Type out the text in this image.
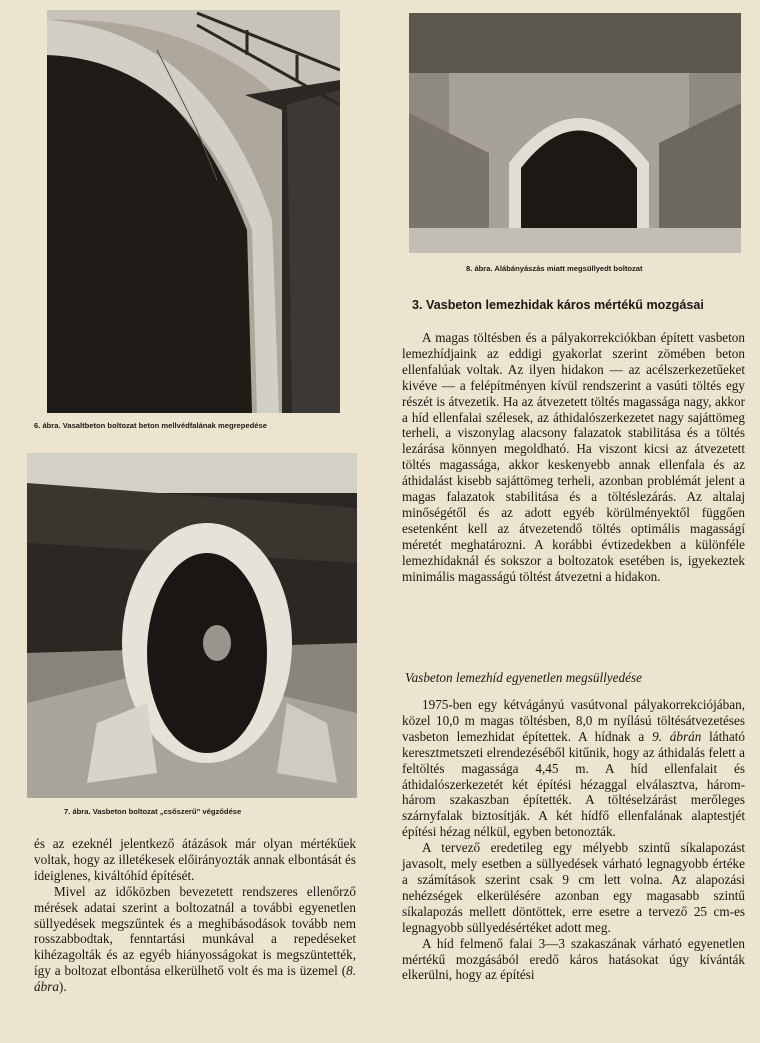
6. ábra. Vasaltbeton boltozat beton mellvédfalának megrepedése
7. ábra. Vasbeton boltozat „csőszerű” végződése
8. ábra. Alábányászás miatt megsüllyedt boltozat

és az ezeknél jelentkező átázások már olyan mértékűek voltak, hogy az illetékesek előirányozták annak elbontását és ideiglenes, kiváltóhíd építését.

Mivel az időközben bevezetett rendszeres ellenőrző mérések adatai szerint a boltozatnál a további egyenetlen süllyedések megszűntek és a meghibásodások tovább nem rosszabbodtak, fenntartási munkával a repedéseket kihézagolták és az egyéb hiányosságokat is megszüntették, így a boltozat elbontása elkerülhető volt és ma is üzemel (8. ábra).

3. Vasbeton lemezhidak káros mértékű mozgásai

A magas töltésben és a pályakorrekciókban épített vasbeton lemezhídjaink az eddigi gyakorlat szerint zömében beton ellenfalúak voltak. Az ilyen hidakon — az acélszerkezetűeket kivéve — a felépítményen kívül rendszerint a vasúti töltés egy részét is átvezetik. Ha az átvezetett töltés magassága nagy, akkor a híd ellenfalai szélesek, az áthidalószerkezetet nagy sajáttömeg terheli, a viszonylag alacsony falazatok stabilitása és a töltés lezárása könnyen megoldható. Ha viszont kicsi az átvezetett töltés magassága, akkor keskenyebb annak ellenfala és az áthidalást kisebb sajáttömeg terheli, azonban problémát jelent a magas falazatok stabilitása és a töltéslezárás. Az altalaj minőségétől és az adott egyéb körülményektől függően esetenként kell az átvezetendő töltés optimális magasságí méretét meghatározni. A korábbi évtizedekben a különféle lemezhidaknál és sokszor a boltozatok esetében is, igyekeztek minimális magasságú töltést átvezetni a hidakon.

Vasbeton lemezhíd egyenetlen megsüllyedése

1975-ben egy kétvágányú vasútvonal pályakorrekciójában, közel 10,0 m magas töltésben, 8,0 m nyílású töltésátvezetéses vasbeton lemezhidat építettek. A hídnak a 9. ábrán látható keresztmetszeti elrendezéséből kitűnik, hogy az áthidalás felett a feltöltés magassága 4,45 m. A híd ellenfalait és áthidalószerkezetét két építési hézaggal elválasztva, három-három szakaszban építették. A töltéselzárást merőleges szárnyfalak biztosítják. A két hídfő ellenfalának alaptestjét építési hézag nélkül, egyben betonozták.

A tervező eredetileg egy mélyebb szintű síkalapozást javasolt, mely esetben a süllyedések várható legnagyobb értéke a számítások szerint csak 9 cm lett volna. Az alapozási nehézségek elkerülésére azonban egy magasabb szintű síkalapozás mellett döntöttek, erre esetre a tervező 25 cm-es legnagyobb süllyedésértéket adott meg.

A híd felmenő falai 3—3 szakaszának várható egyenetlen mértékű mozgásából eredő káros hatásokat úgy kívánták elkerülni, hogy az építési
